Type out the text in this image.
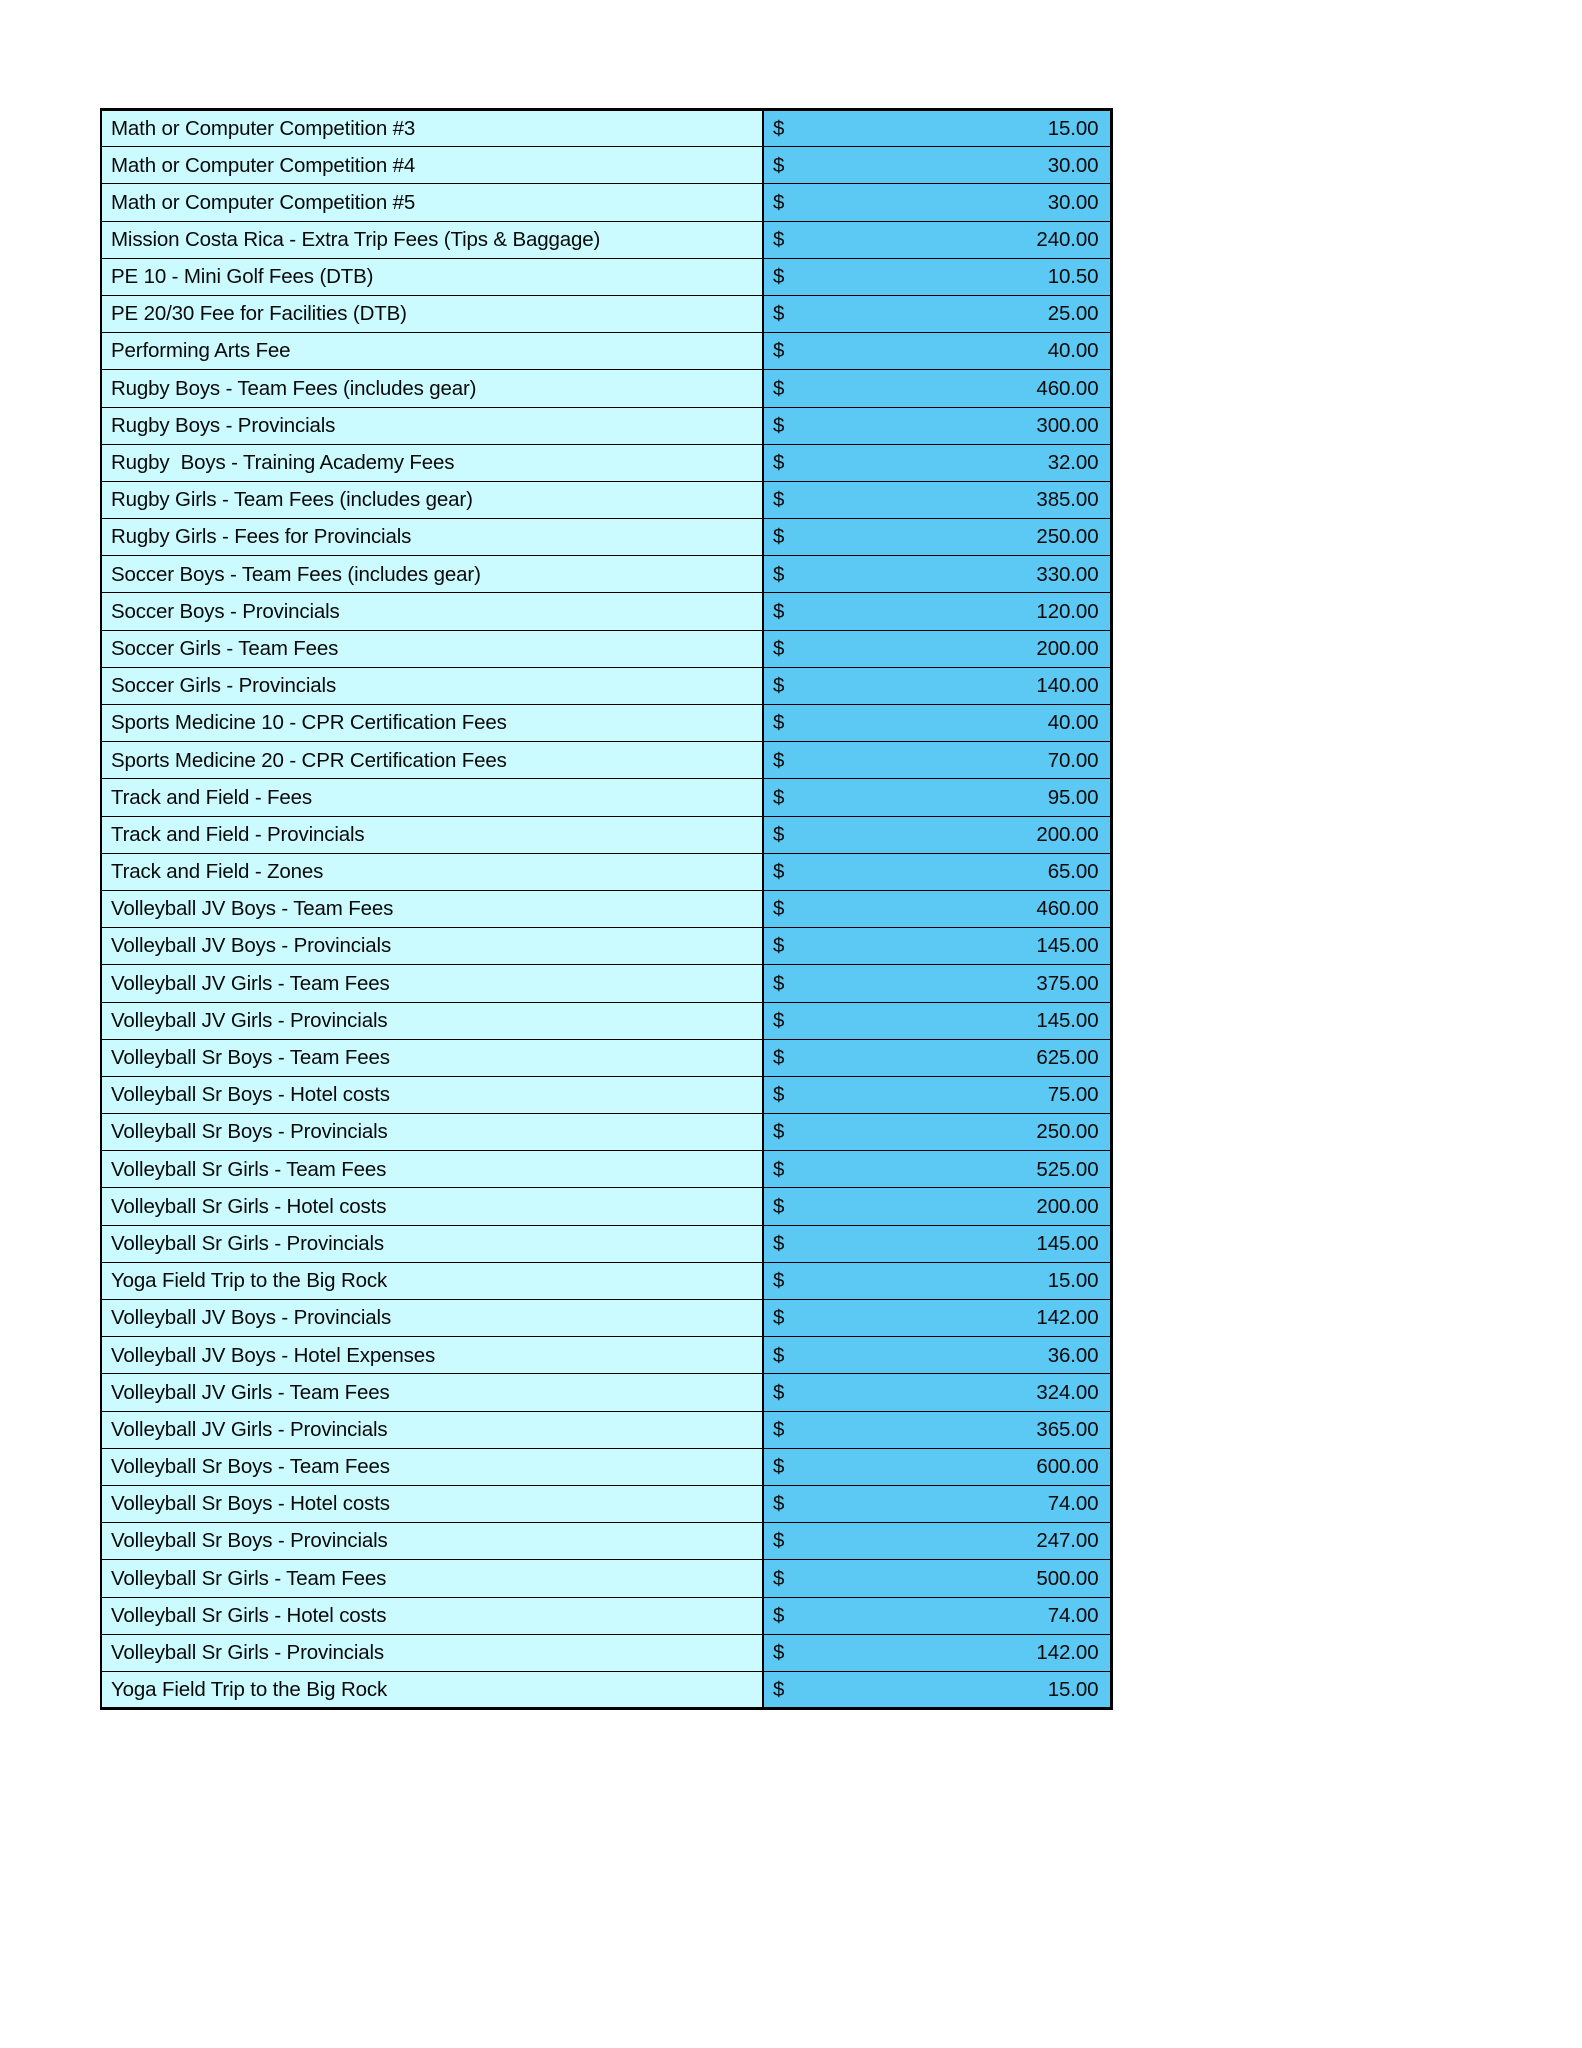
Math or Computer Competition #3	$ 15.00

Math or Computer Competition #4	$ 30.00

Math or Computer Competition #5	$ 30.00

Mission Costa Rica - Extra Trip Fees (Tips & Baggage)	$ 240.00

PE 10 - Mini Golf Fees (DTB)	$ 10.50

PE 20/30 Fee for Facilities (DTB)	$ 25.00

Performing Arts Fee	$ 40.00

Rugby Boys - Team Fees (includes gear)	$ 460.00

Rugby Boys - Provincials	$ 300.00

Rugby  Boys - Training Academy Fees	$ 32.00

Rugby Girls - Team Fees (includes gear)	$ 385.00

Rugby Girls - Fees for Provincials	$ 250.00

Soccer Boys - Team Fees (includes gear)	$ 330.00

Soccer Boys - Provincials	$ 120.00

Soccer Girls - Team Fees	$ 200.00

Soccer Girls - Provincials	$ 140.00

Sports Medicine 10 - CPR Certification Fees	$ 40.00

Sports Medicine 20 - CPR Certification Fees	$ 70.00

Track and Field - Fees	$ 95.00

Track and Field - Provincials	$ 200.00

Track and Field - Zones	$ 65.00

Volleyball JV Boys - Team Fees	$ 460.00

Volleyball JV Boys - Provincials	$ 145.00

Volleyball JV Girls - Team Fees	$ 375.00

Volleyball JV Girls - Provincials	$ 145.00

Volleyball Sr Boys - Team Fees	$ 625.00

Volleyball Sr Boys - Hotel costs	$ 75.00

Volleyball Sr Boys - Provincials	$ 250.00

Volleyball Sr Girls - Team Fees	$ 525.00

Volleyball Sr Girls - Hotel costs	$ 200.00

Volleyball Sr Girls - Provincials	$ 145.00

Yoga Field Trip to the Big Rock	$ 15.00

Volleyball JV Boys - Provincials	$ 142.00

Volleyball JV Boys - Hotel Expenses	$ 36.00

Volleyball JV Girls - Team Fees	$ 324.00

Volleyball JV Girls - Provincials	$ 365.00

Volleyball Sr Boys - Team Fees	$ 600.00

Volleyball Sr Boys - Hotel costs	$ 74.00

Volleyball Sr Boys - Provincials	$ 247.00

Volleyball Sr Girls - Team Fees	$ 500.00

Volleyball Sr Girls - Hotel costs	$ 74.00

Volleyball Sr Girls - Provincials	$ 142.00

Yoga Field Trip to the Big Rock	$ 15.00
